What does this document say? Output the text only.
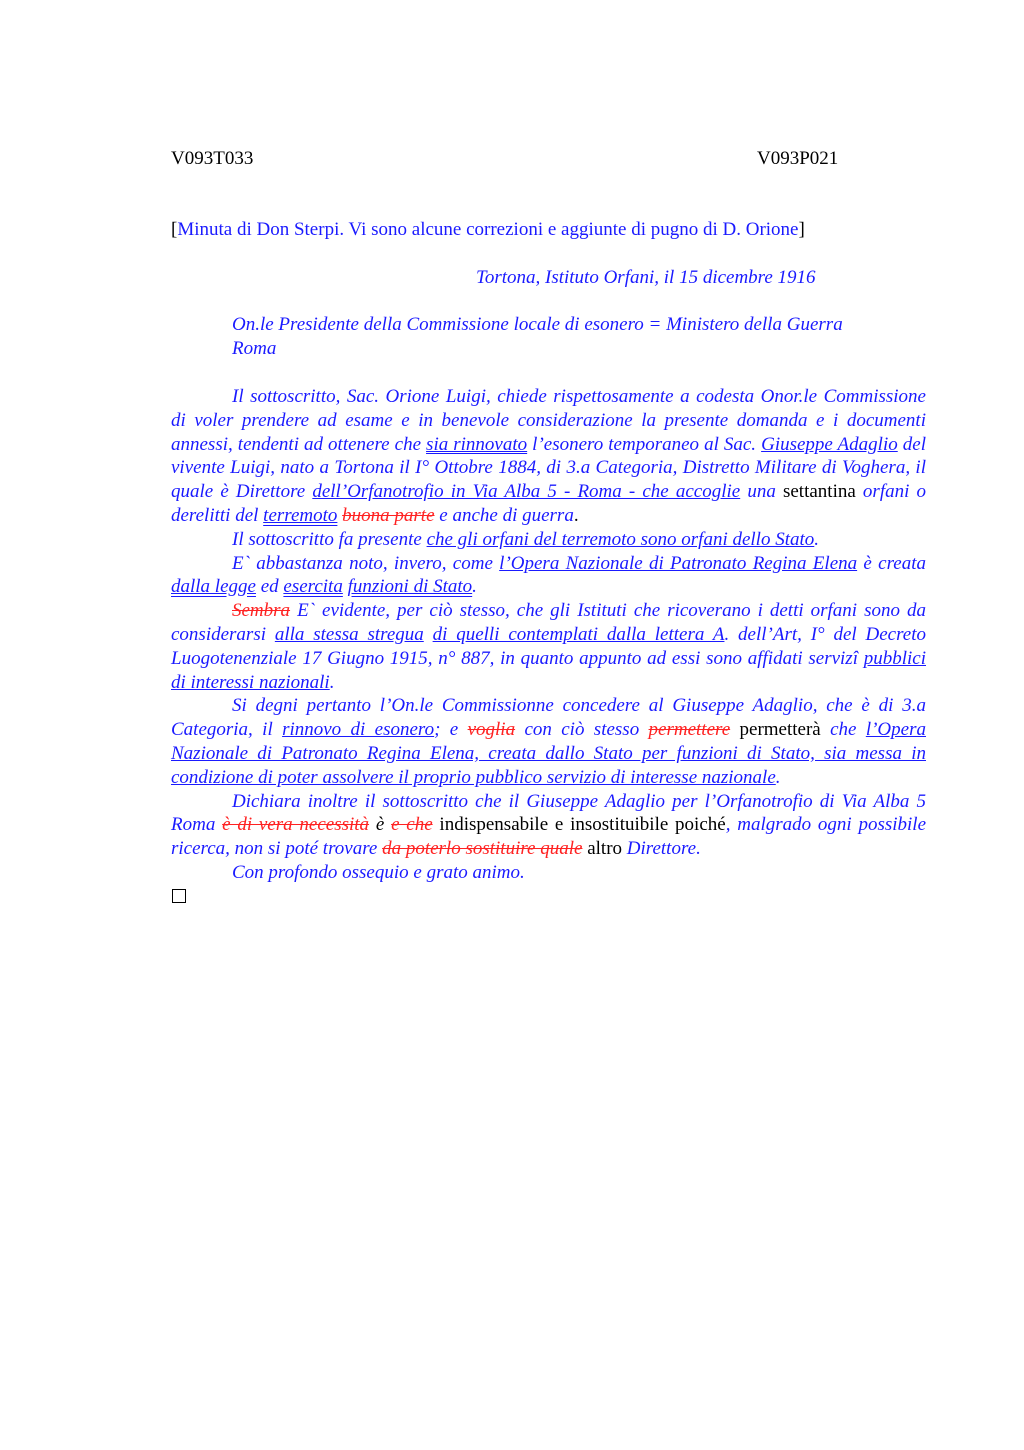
V093T033	V093P021
[Minuta di Don Sterpi. Vi sono alcune correzioni e aggiunte di pugno di D. Orione]
Tortona, Istituto Orfani, il 15 dicembre 1916
On.le Presidente della Commissione locale di esonero = Ministero della Guerra
Roma

Il sottoscritto, Sac. Orione Luigi, chiede rispettosamente a codesta Onor.le Commissione di voler prendere ad esame e in benevole considerazione la presente domanda e i documenti annessi, tendenti ad ottenere che sia rinnovato l’esonero temporaneo al Sac. Giuseppe Adaglio del vivente Luigi, nato a Tortona il I° Ottobre 1884, di 3.a Categoria, Distretto Militare di Voghera, il quale è Direttore dell’Orfanotrofio in Via Alba 5 - Roma - che accoglie una settantina orfani o derelitti del terremoto buona parte e anche di guerra.

Il sottoscritto fa presente che gli orfani del terremoto sono orfani dello Stato.

E` abbastanza noto, invero, come l’Opera Nazionale di Patronato Regina Elena è creata dalla legge ed esercita funzioni di Stato.

Sembra E` evidente, per ciò stesso, che gli Istituti che ricoverano i detti orfani sono da considerarsi alla stessa stregua di quelli contemplati dalla lettera A. dell’Art, I° del Decreto Luogotenenziale 17 Giugno 1915, n° 887, in quanto appunto ad essi sono affidati servizî pubblici di interessi nazionali.

Si degni pertanto l’On.le Commissionne concedere al Giuseppe Adaglio, che è di 3.a Categoria, il rinnovo di esonero; e voglia con ciò stesso permettere permetterà che l’Opera Nazionale di Patronato Regina Elena, creata dallo Stato per funzioni di Stato, sia messa in condizione di poter assolvere il proprio pubblico servizio di interesse nazionale.

Dichiara inoltre il sottoscritto che il Giuseppe Adaglio per l’Orfanotrofio di Via Alba 5 Roma è di vera necessità è e che indispensabile e insostituibile poiché, malgrado ogni possibile ricerca, non si poté trovare da poterlo sostituire quale altro Direttore.

Con profondo ossequio e grato animo.
